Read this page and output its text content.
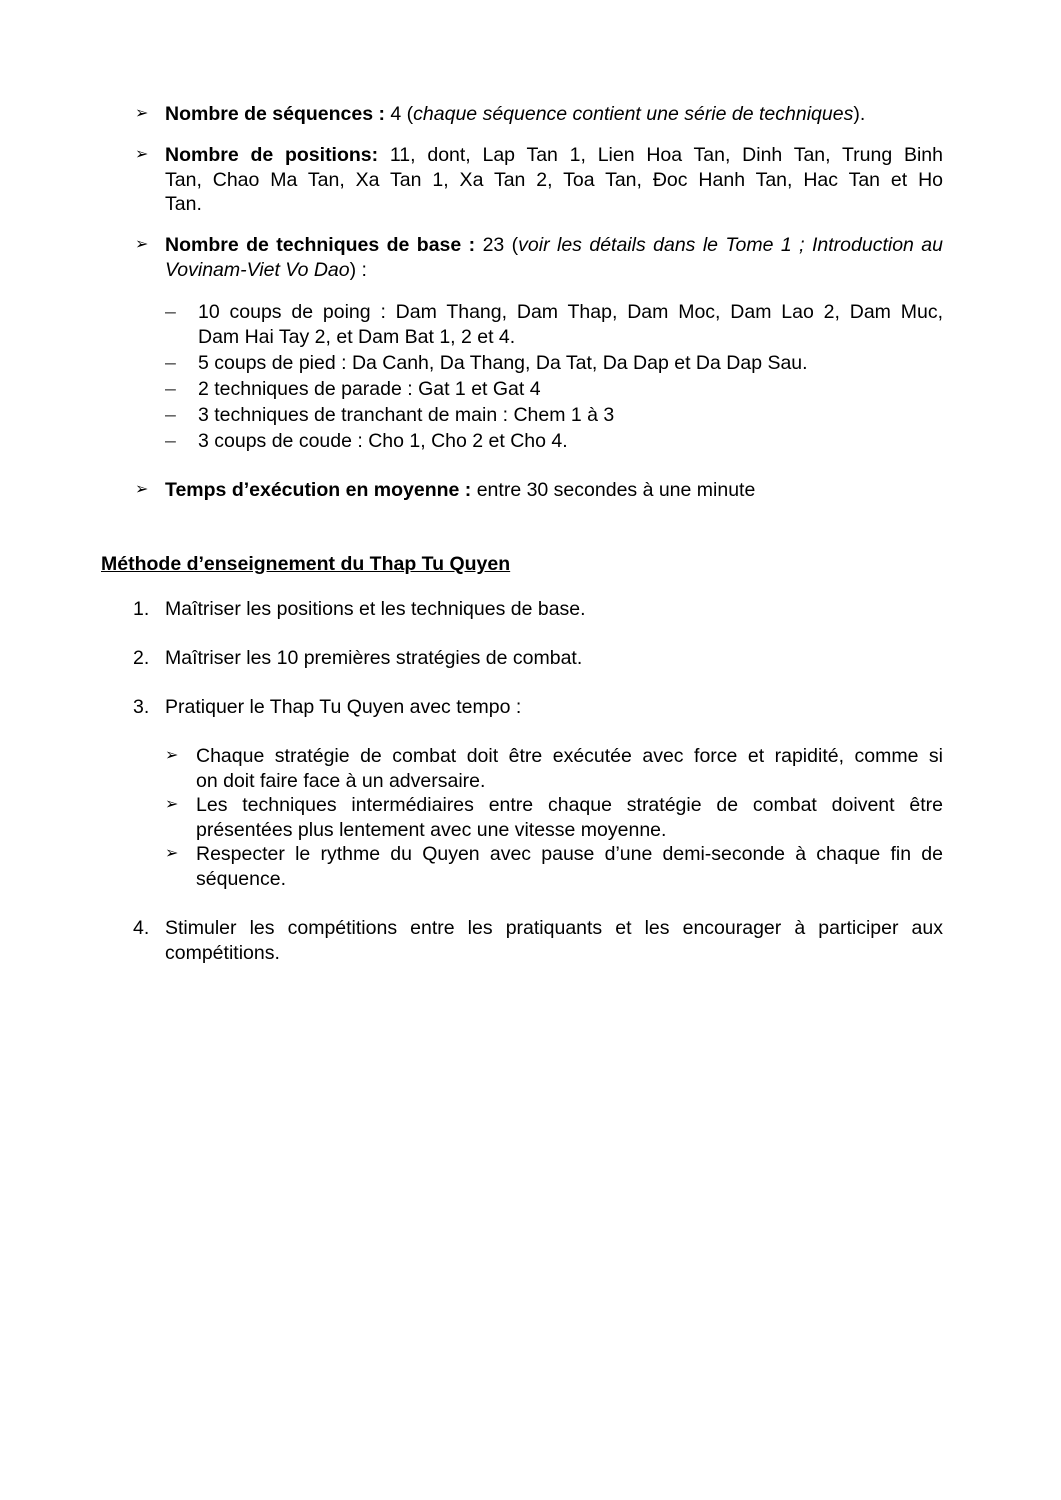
➢ Nombre de séquences : 4 (chaque séquence contient une série de techniques).
➢ Nombre de positions: 11, dont, Lap Tan 1, Lien Hoa Tan, Dinh Tan, Trung Binh
Tan, Chao Ma Tan, Xa Tan 1, Xa Tan 2, Toa Tan, Đoc Hanh Tan, Hac Tan et Ho
Tan.
➢ Nombre de techniques de base : 23 (voir les détails dans le Tome 1 ; Introduction au
Vovinam-Viet Vo Dao) :
– 10 coups de poing : Dam Thang, Dam Thap, Dam Moc, Dam Lao 2, Dam Muc,
Dam Hai Tay 2, et Dam Bat 1, 2 et 4.
– 5 coups de pied : Da Canh, Da Thang, Da Tat, Da Dap et Da Dap Sau.
– 2 techniques de parade : Gat 1 et Gat 4
– 3 techniques de tranchant de main : Chem 1 à 3
– 3 coups de coude : Cho 1, Cho 2 et Cho 4.
➢ Temps d’exécution en moyenne : entre 30 secondes à une minute
Méthode d’enseignement du Thap Tu Quyen
1. Maîtriser les positions et les techniques de base.
2. Maîtriser les 10 premières stratégies de combat.
3. Pratiquer le Thap Tu Quyen avec tempo :
➢ Chaque stratégie de combat doit être exécutée avec force et rapidité, comme si
on doit faire face à un adversaire.
➢ Les techniques intermédiaires entre chaque stratégie de combat doivent être
présentées plus lentement avec une vitesse moyenne.
➢ Respecter le rythme du Quyen avec pause d’une demi-seconde à chaque fin de
séquence.
4. Stimuler les compétitions entre les pratiquants et les encourager à participer aux
compétitions.
